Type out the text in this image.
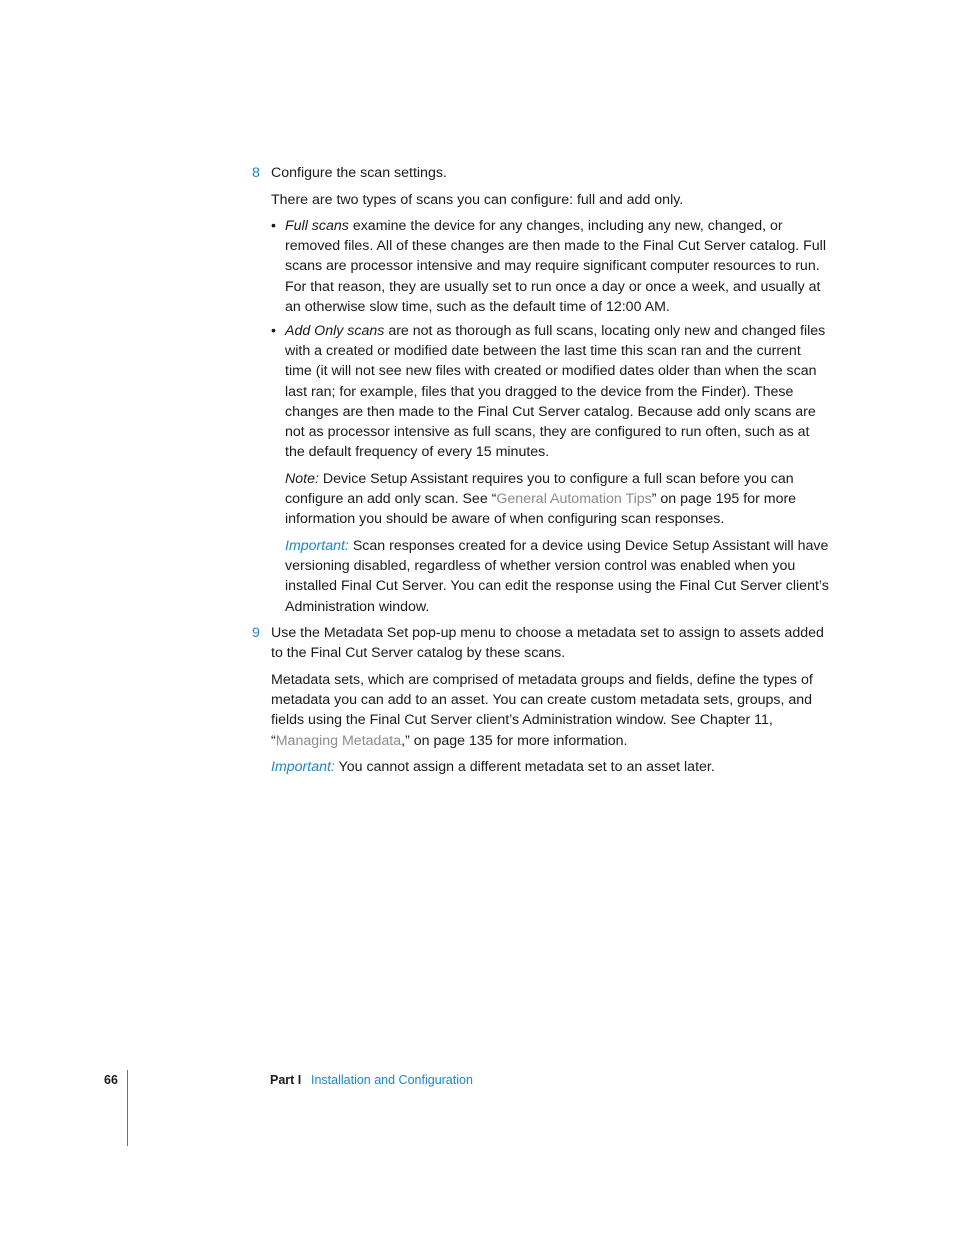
8 Configure the scan settings.

There are two types of scans you can configure: full and add only.

• Full scans examine the device for any changes, including any new, changed, or removed files. All of these changes are then made to the Final Cut Server catalog. Full scans are processor intensive and may require significant computer resources to run. For that reason, they are usually set to run once a day or once a week, and usually at an otherwise slow time, such as the default time of 12:00 AM.

• Add Only scans are not as thorough as full scans, locating only new and changed files with a created or modified date between the last time this scan ran and the current time (it will not see new files with created or modified dates older than when the scan last ran; for example, files that you dragged to the device from the Finder). These changes are then made to the Final Cut Server catalog. Because add only scans are not as processor intensive as full scans, they are configured to run often, such as at the default frequency of every 15 minutes.

Note: Device Setup Assistant requires you to configure a full scan before you can configure an add only scan. See “General Automation Tips” on page 195 for more information you should be aware of when configuring scan responses.

Important: Scan responses created for a device using Device Setup Assistant will have versioning disabled, regardless of whether version control was enabled when you installed Final Cut Server. You can edit the response using the Final Cut Server client’s Administration window.

9 Use the Metadata Set pop-up menu to choose a metadata set to assign to assets added to the Final Cut Server catalog by these scans.

Metadata sets, which are comprised of metadata groups and fields, define the types of metadata you can add to an asset. You can create custom metadata sets, groups, and fields using the Final Cut Server client’s Administration window. See Chapter 11, “Managing Metadata,” on page 135 for more information.

Important: You cannot assign a different metadata set to an asset later.

66	Part I Installation and Configuration
